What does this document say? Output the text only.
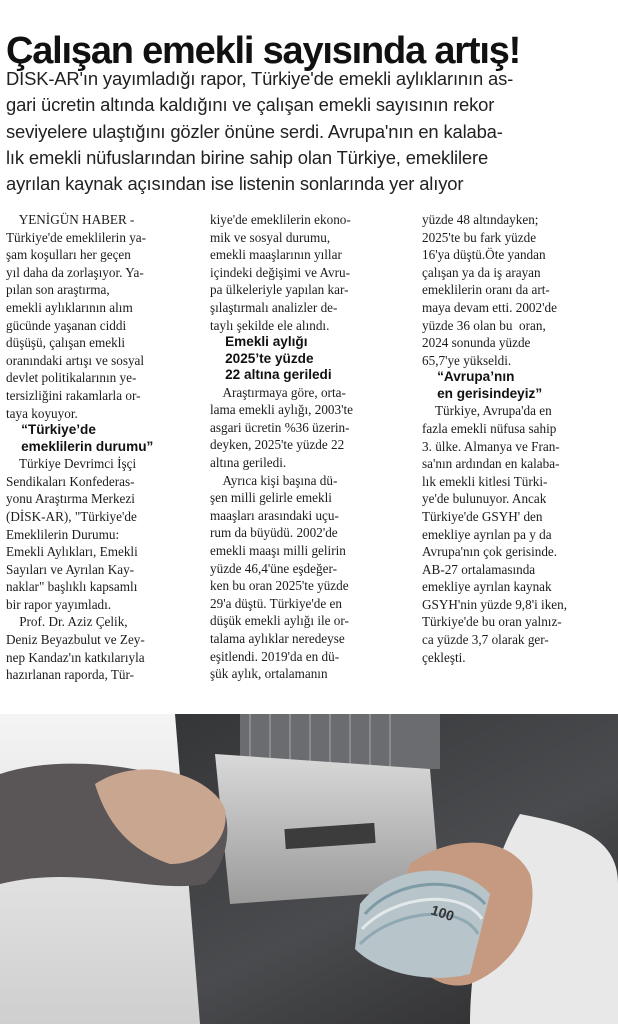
Çalışan emekli sayısında artış!
DİSK-AR'ın yayımladığı rapor, Türkiye'de emekli aylıklarının as-
gari ücretin altında kaldığını ve çalışan emekli sayısının rekor
seviyelere ulaştığını gözler önüne serdi. Avrupa'nın en kalaba-
lık emekli nüfuslarından birine sahip olan Türkiye, emeklilere
ayrılan kaynak açısından ise listenin sonlarında yer alıyor
YENİGÜN HABER -
Türkiye'de emeklilerin ya-
şam koşulları her geçen
yıl daha da zorlaşıyor. Ya-
pılan son araştırma,
emekli aylıklarının alım
gücünde yaşanan ciddi
düşüşü, çalışan emekli
oranındaki artışı ve sosyal
devlet politikalarının ye-
tersizliğini rakamlarla or-
taya koyuyor.
“Türkiye’de
emeklilerin durumu”
Türkiye Devrimci İşçi
Sendikaları Konfederas-
yonu Araştırma Merkezi
(DİSK-AR), "Türkiye'de
Emeklilerin Durumu:
Emekli Aylıkları, Emekli
Sayıları ve Ayrılan Kay-
naklar" başlıklı kapsamlı
bir rapor yayımladı.
Prof. Dr. Aziz Çelik,
Deniz Beyazbulut ve Zey-
nep Kandaz'ın katkılarıyla
hazırlanan raporda, Tür-
kiye'de emeklilerin ekono-
mik ve sosyal durumu,
emekli maaşlarının yıllar
içindeki değişimi ve Avru-
pa ülkeleriyle yapılan kar-
şılaştırmalı analizler de-
taylı şekilde ele alındı.
Emekli aylığı
2025’te yüzde
22 altına geriledi
Araştırmaya göre, orta-
lama emekli aylığı, 2003'te
asgari ücretin %36 üzerin-
deyken, 2025'te yüzde 22
altına geriledi.
Ayrıca kişi başına dü-
şen milli gelirle emekli
maaşları arasındaki uçu-
rum da büyüdü. 2002'de
emekli maaşı milli gelirin
yüzde 46,4'üne eşdeğer-
ken bu oran 2025'te yüzde
29'a düştü. Türkiye'de en
düşük emekli aylığı ile or-
talama aylıklar neredeyse
eşitlendi. 2019'da en dü-
şük aylık, ortalamanın
yüzde 48 altındayken;
2025'te bu fark yüzde
16'ya düştü.Öte yandan
çalışan ya da iş arayan
emeklilerin oranı da art-
maya devam etti. 2002'de
yüzde 36 olan bu  oran,
2024 sonunda yüzde
65,7'ye yükseldi.
“Avrupa’nın
en gerisindeyiz”
Türkiye, Avrupa'da en
fazla emekli nüfusa sahip
3. ülke. Almanya ve Fran-
sa'nın ardından en kalaba-
lık emekli kitlesi Türki-
ye'de bulunuyor. Ancak
Türkiye'de GSYH' den
emekliye ayrılan pa y da
Avrupa'nın çok gerisinde.
AB-27 ortalamasında
emekliye ayrılan kaynak
GSYH'nin yüzde 9,8'i iken,
Türkiye'de bu oran yalnız-
ca yüzde 3,7 olarak ger-
çekleşti.
100
